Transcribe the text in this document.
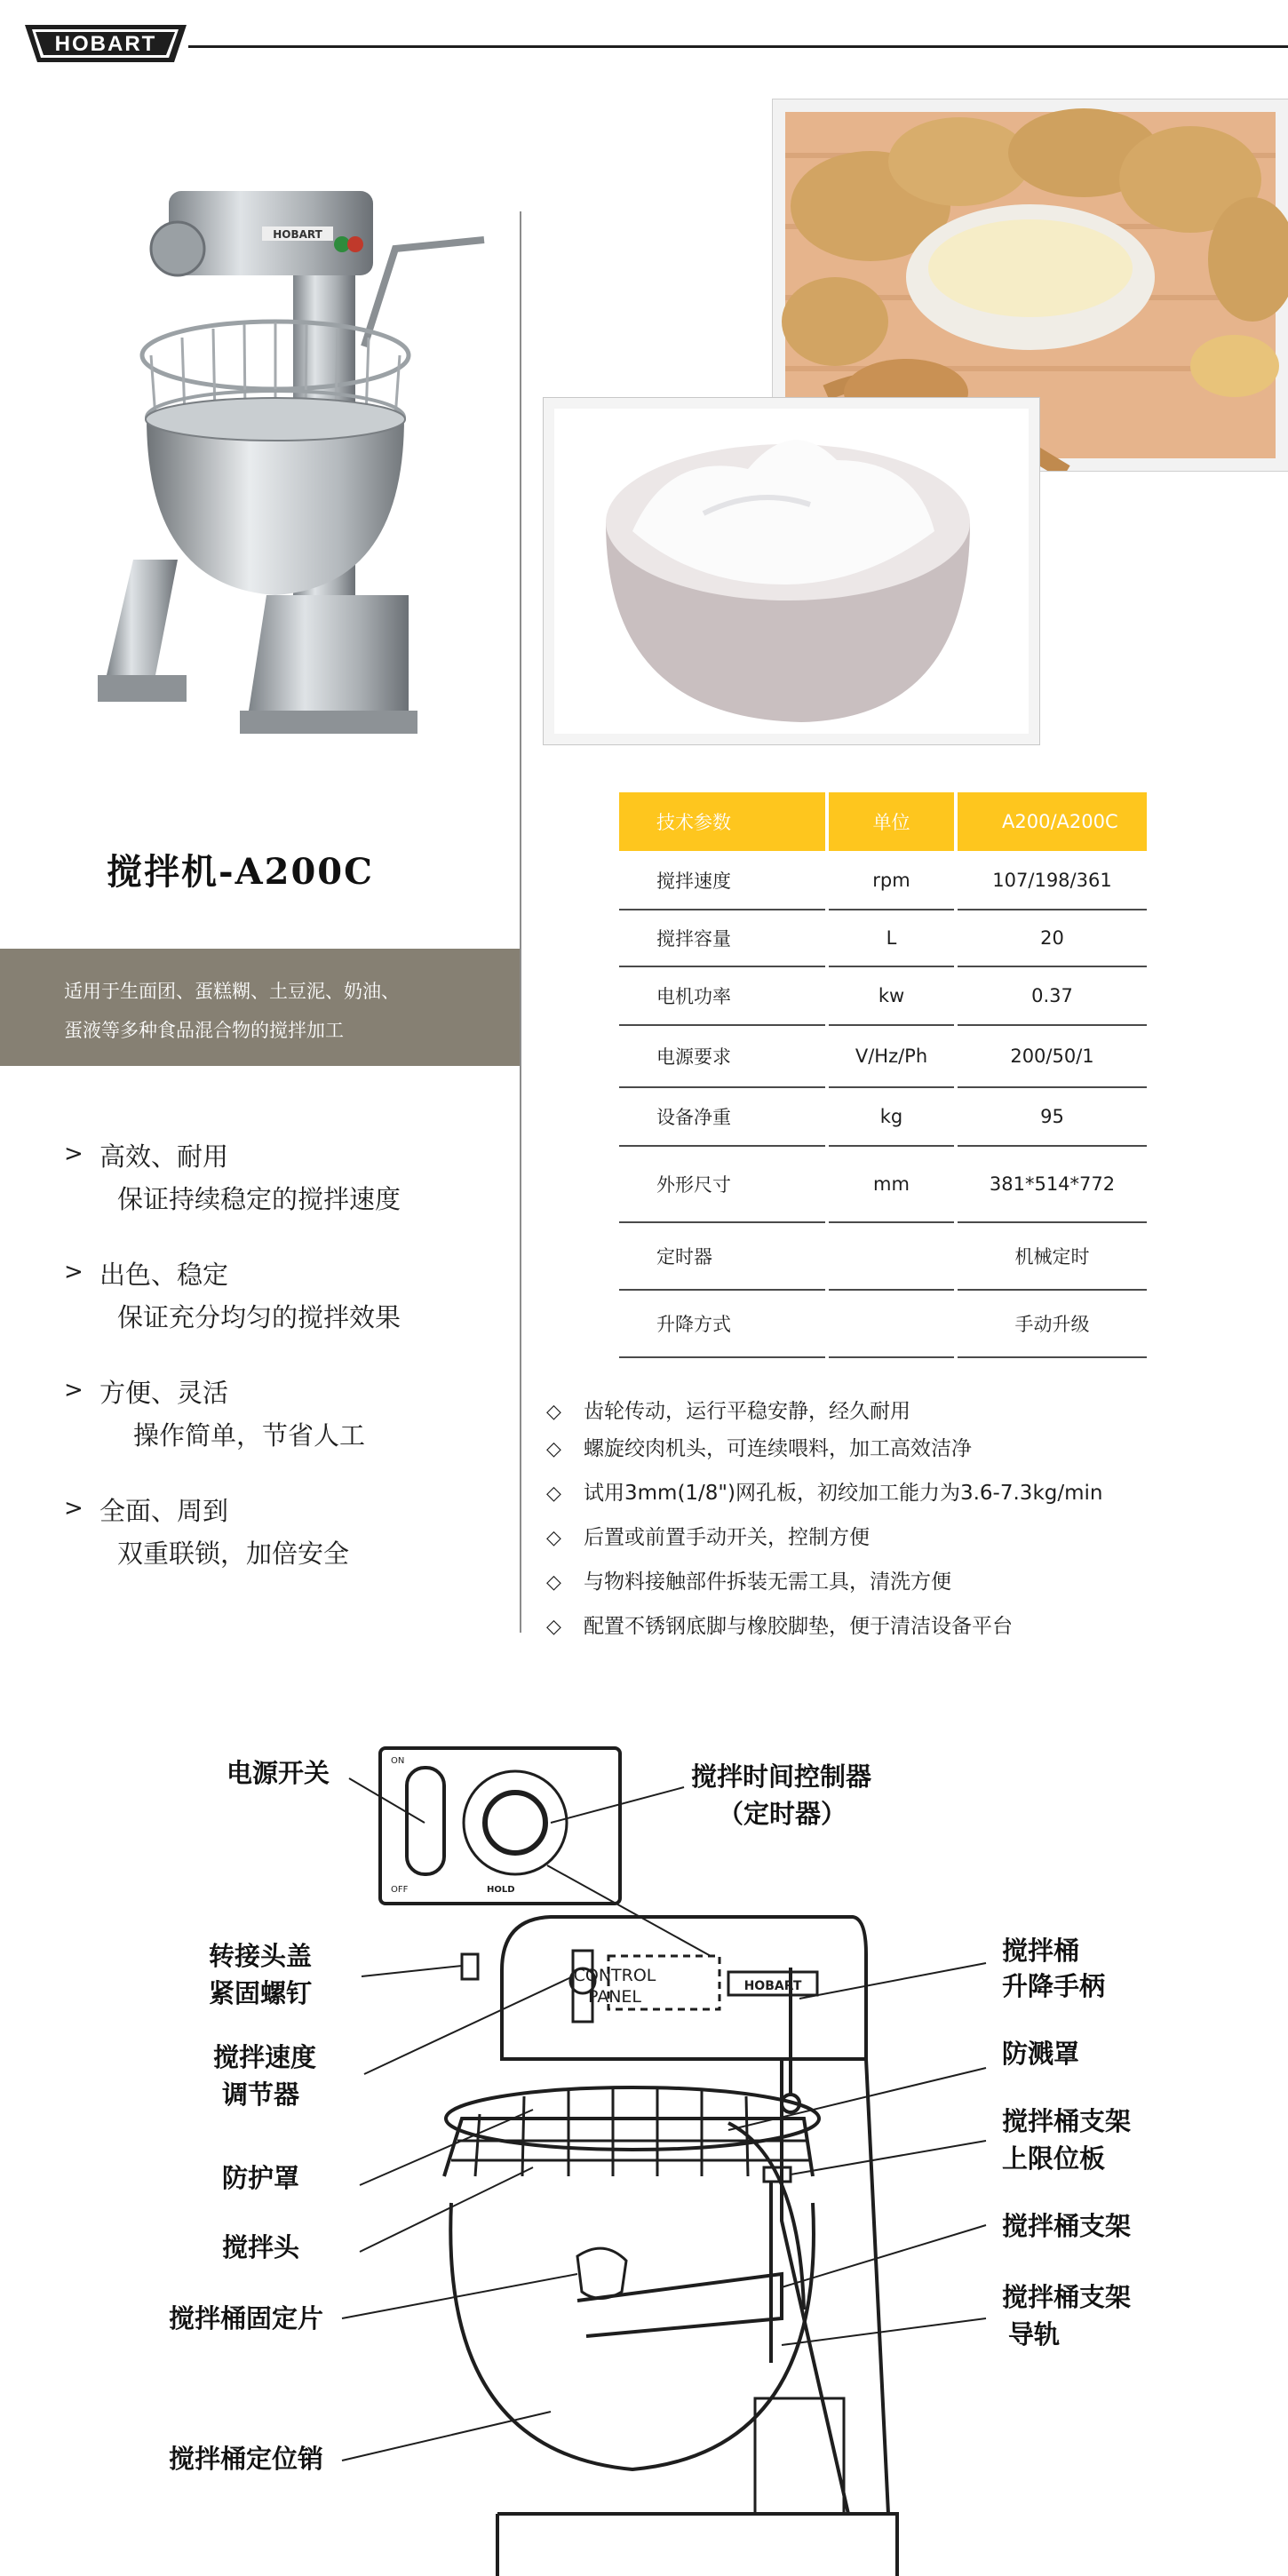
HOBART
HOBART
搅拌机-A200C

适用于生面团、蛋糕糊、土豆泥、奶油、

蛋液等多种食品混合物的搅拌加工

> 高效、耐用
保证持续稳定的搅拌速度
> 出色、稳定
保证充分均匀的搅拌效果
> 方便、灵活
操作简单，节省人工
> 全面、周到
双重联锁，加倍安全
技术参数	单位	A200/A200C
搅拌速度	rpm	107/198/361
搅拌容量	L	20
电机功率	kw	0.37
电源要求	V/Hz/Ph	200/50/1
设备净重	kg	95
外形尺寸	mm	381*514*772
定时器		机械定时
升降方式		手动升级
◇ 齿轮传动，运行平稳安静，经久耐用
◇ 螺旋绞肉机头，可连续喂料，加工高效洁净
◇ 试用3mm(1/8")网孔板，初绞加工能力为3.6-7.3kg/min
◇ 后置或前置手动开关，控制方便
◇ 与物料接触部件拆装无需工具，清洗方便
◇ 配置不锈钢底脚与橡胶脚垫，便于清洁设备平台
CONTROL
PANEL
HOBART
ON
OFF	HOLD
电源开关
转接头盖
紧固螺钉
搅拌速度
调节器
防护罩
搅拌头
搅拌桶固定片
搅拌桶定位销
搅拌时间控制器
（定时器）
搅拌桶
升降手柄
防溅罩
搅拌桶支架
上限位板
搅拌桶支架
搅拌桶支架
导轨
